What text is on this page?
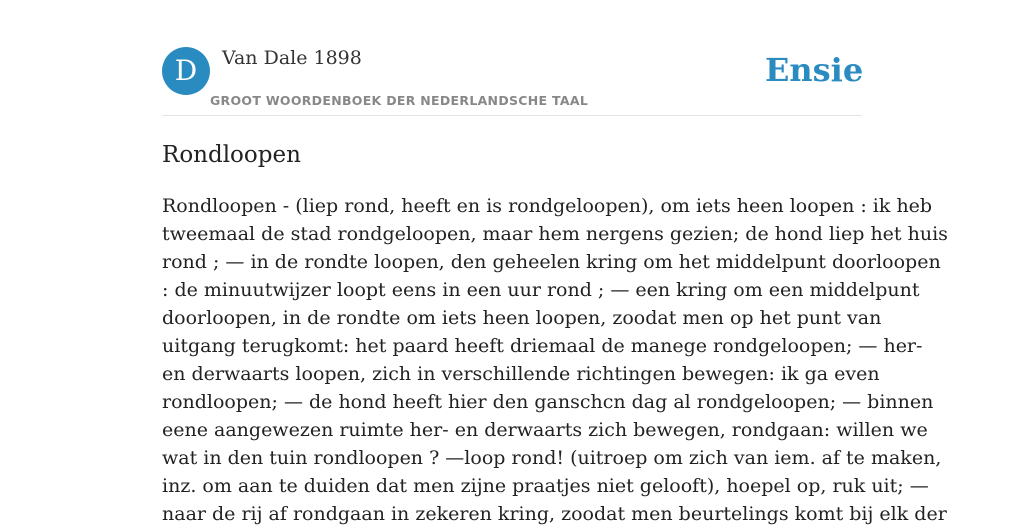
D	Van Dale 1898
GROOT WOORDENBOEK DER NEDERLANDSCHE TAAL
Ensie
Rondloopen

Rondloopen - (liep rond, heeft en is rondgeloopen), om iets heen loopen : ik heb
tweemaal de stad rondgeloopen, maar hem nergens gezien; de hond liep het huis
rond ; — in de rondte loopen, den geheelen kring om het middelpunt doorloopen
: de minuutwijzer loopt eens in een uur rond ; — een kring om een middelpunt
doorloopen, in de rondte om iets heen loopen, zoodat men op het punt van
uitgang terugkomt: het paard heeft driemaal de manege rondgeloopen; — her-
en derwaarts loopen, zich in verschillende richtingen bewegen: ik ga even
rondloopen; — de hond heeft hier den ganschcn dag al rondgeloopen; — binnen
eene aangewezen ruimte her- en derwaarts zich bewegen, rondgaan: willen we
wat in den tuin rondloopen ? —loop rond! (uitroep om zich van iem. af te maken,
inz. om aan te duiden dat men zijne praatjes niet gelooft), hoepel op, ruk uit; —
naar de rij af rondgaan in zekeren kring, zoodat men beurtelings komt bij elk der
